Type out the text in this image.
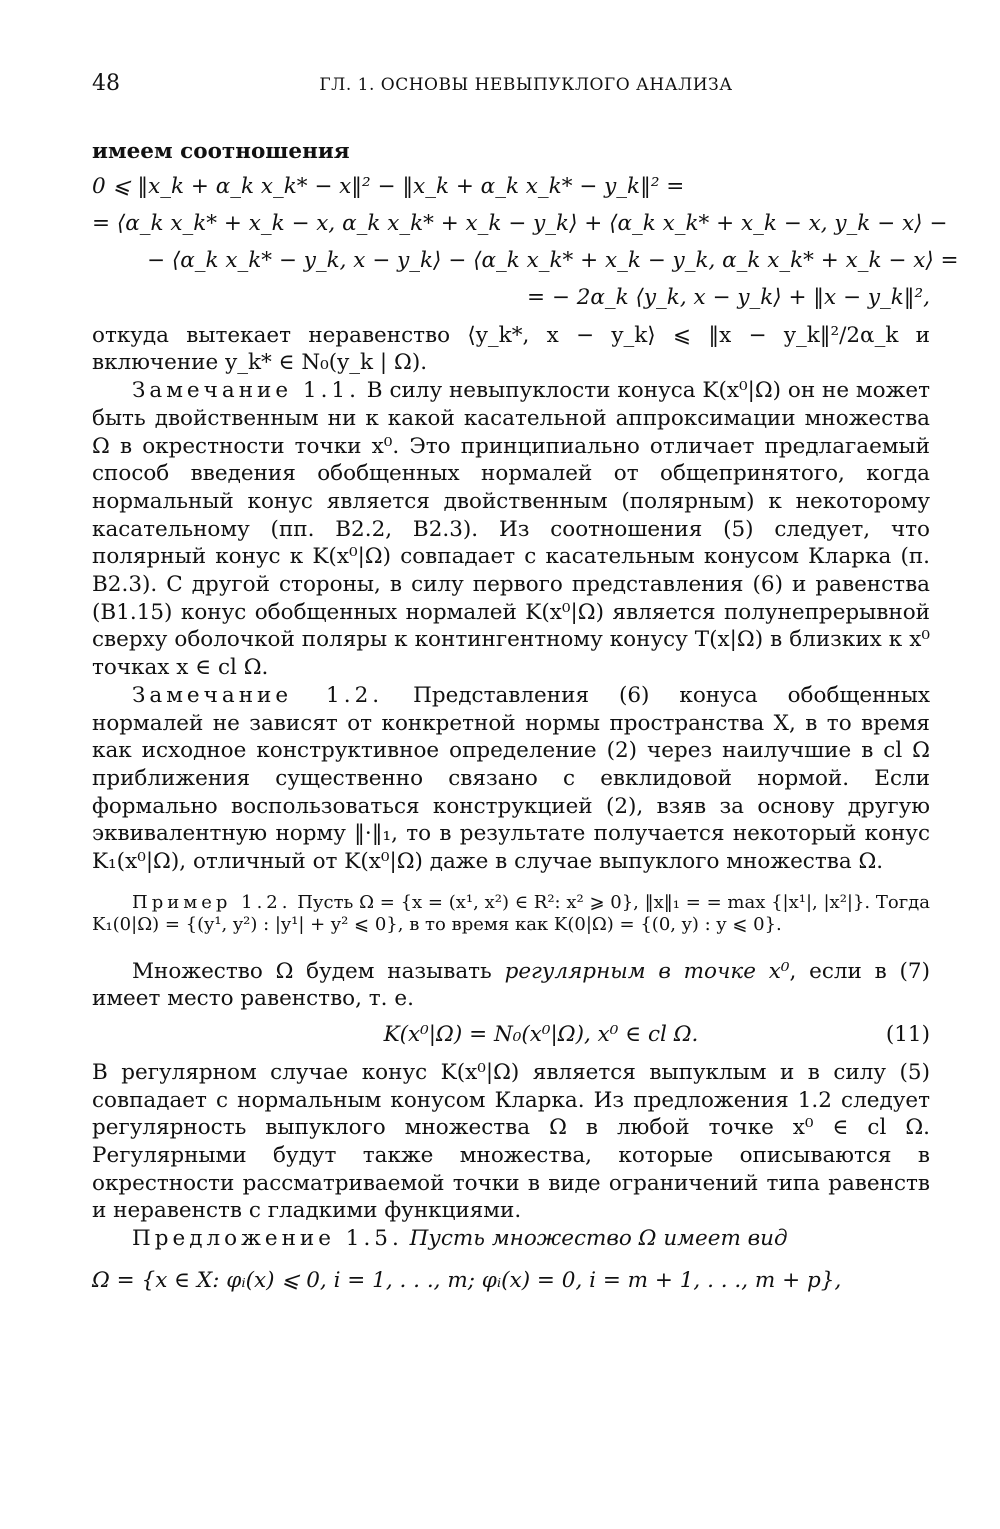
48	ГЛ. 1. ОСНОВЫ НЕВЫПУКЛОГО АНАЛИЗА

имеем соотношения

0 ⩽ ‖x_k + α_k x_k* − x‖² − ‖x_k + α_k x_k* − y_k‖² =
= ⟨α_k x_k* + x_k − x, α_k x_k* + x_k − y_k⟩ + ⟨α_k x_k* + x_k − x, y_k − x⟩ −
− ⟨α_k x_k* − y_k, x − y_k⟩ − ⟨α_k x_k* + x_k − y_k, α_k x_k* + x_k − x⟩ =
= − 2α_k ⟨y_k, x − y_k⟩ + ‖x − y_k‖²,

откуда вытекает неравенство ⟨y_k*, x − y_k⟩ ⩽ ‖x − y_k‖²/2α_k и включение y_k* ∈ N₀(y_k | Ω).

Замечание 1.1. В силу невыпуклости конуса K(x⁰|Ω) он не может быть двойственным ни к какой касательной аппроксимации множества Ω в окрестности точки x⁰. Это принципиально отличает предлагаемый способ введения обобщенных нормалей от общепринятого, когда нормальный конус является двойственным (полярным) к некоторому касательному (пп. B2.2, B2.3). Из соотношения (5) следует, что полярный конус к K(x⁰|Ω) совпадает с касательным конусом Кларка (п. B2.3). С другой стороны, в силу первого представления (6) и равенства (B1.15) конус обобщенных нормалей K(x⁰|Ω) является полунепрерывной сверху оболочкой поляры к контингентному конусу T(x|Ω) в близких к x⁰ точках x ∈ cl Ω.

Замечание 1.2. Представления (6) конуса обобщенных нормалей не зависят от конкретной нормы пространства X, в то время как исходное конструктивное определение (2) через наилучшие в cl Ω приближения существенно связано с евклидовой нормой. Если формально воспользоваться конструкцией (2), взяв за основу другую эквивалентную норму ‖·‖₁, то в результате получается некоторый конус K₁(x⁰|Ω), отличный от K(x⁰|Ω) даже в случае выпуклого множества Ω.

Пример 1.2. Пусть Ω = {x = (x¹, x²) ∈ R²: x² ⩾ 0}, ‖x‖₁ = = max {|x¹|, |x²|}. Тогда K₁(0|Ω) = {(y¹, y²) : |y¹| + y² ⩽ 0}, в то время как K(0|Ω) = {(0, y) : y ⩽ 0}.

Множество Ω будем называть регулярным в точке x⁰, если в (7) имеет место равенство, т. е.

K(x⁰|Ω) = N₀(x⁰|Ω), x⁰ ∈ cl Ω.	(11)

В регулярном случае конус K(x⁰|Ω) является выпуклым и в силу (5) совпадает с нормальным конусом Кларка. Из предложения 1.2 следует регулярность выпуклого множества Ω в любой точке x⁰ ∈ cl Ω. Регулярными будут также множества, которые описываются в окрестности рассматриваемой точки в виде ограничений типа равенств и неравенств с гладкими функциями.

Предложение 1.5. Пусть множество Ω имеет вид

Ω = {x ∈ X: φᵢ(x) ⩽ 0, i = 1, . . ., m; φᵢ(x) = 0, i = m + 1, . . ., m + p},
